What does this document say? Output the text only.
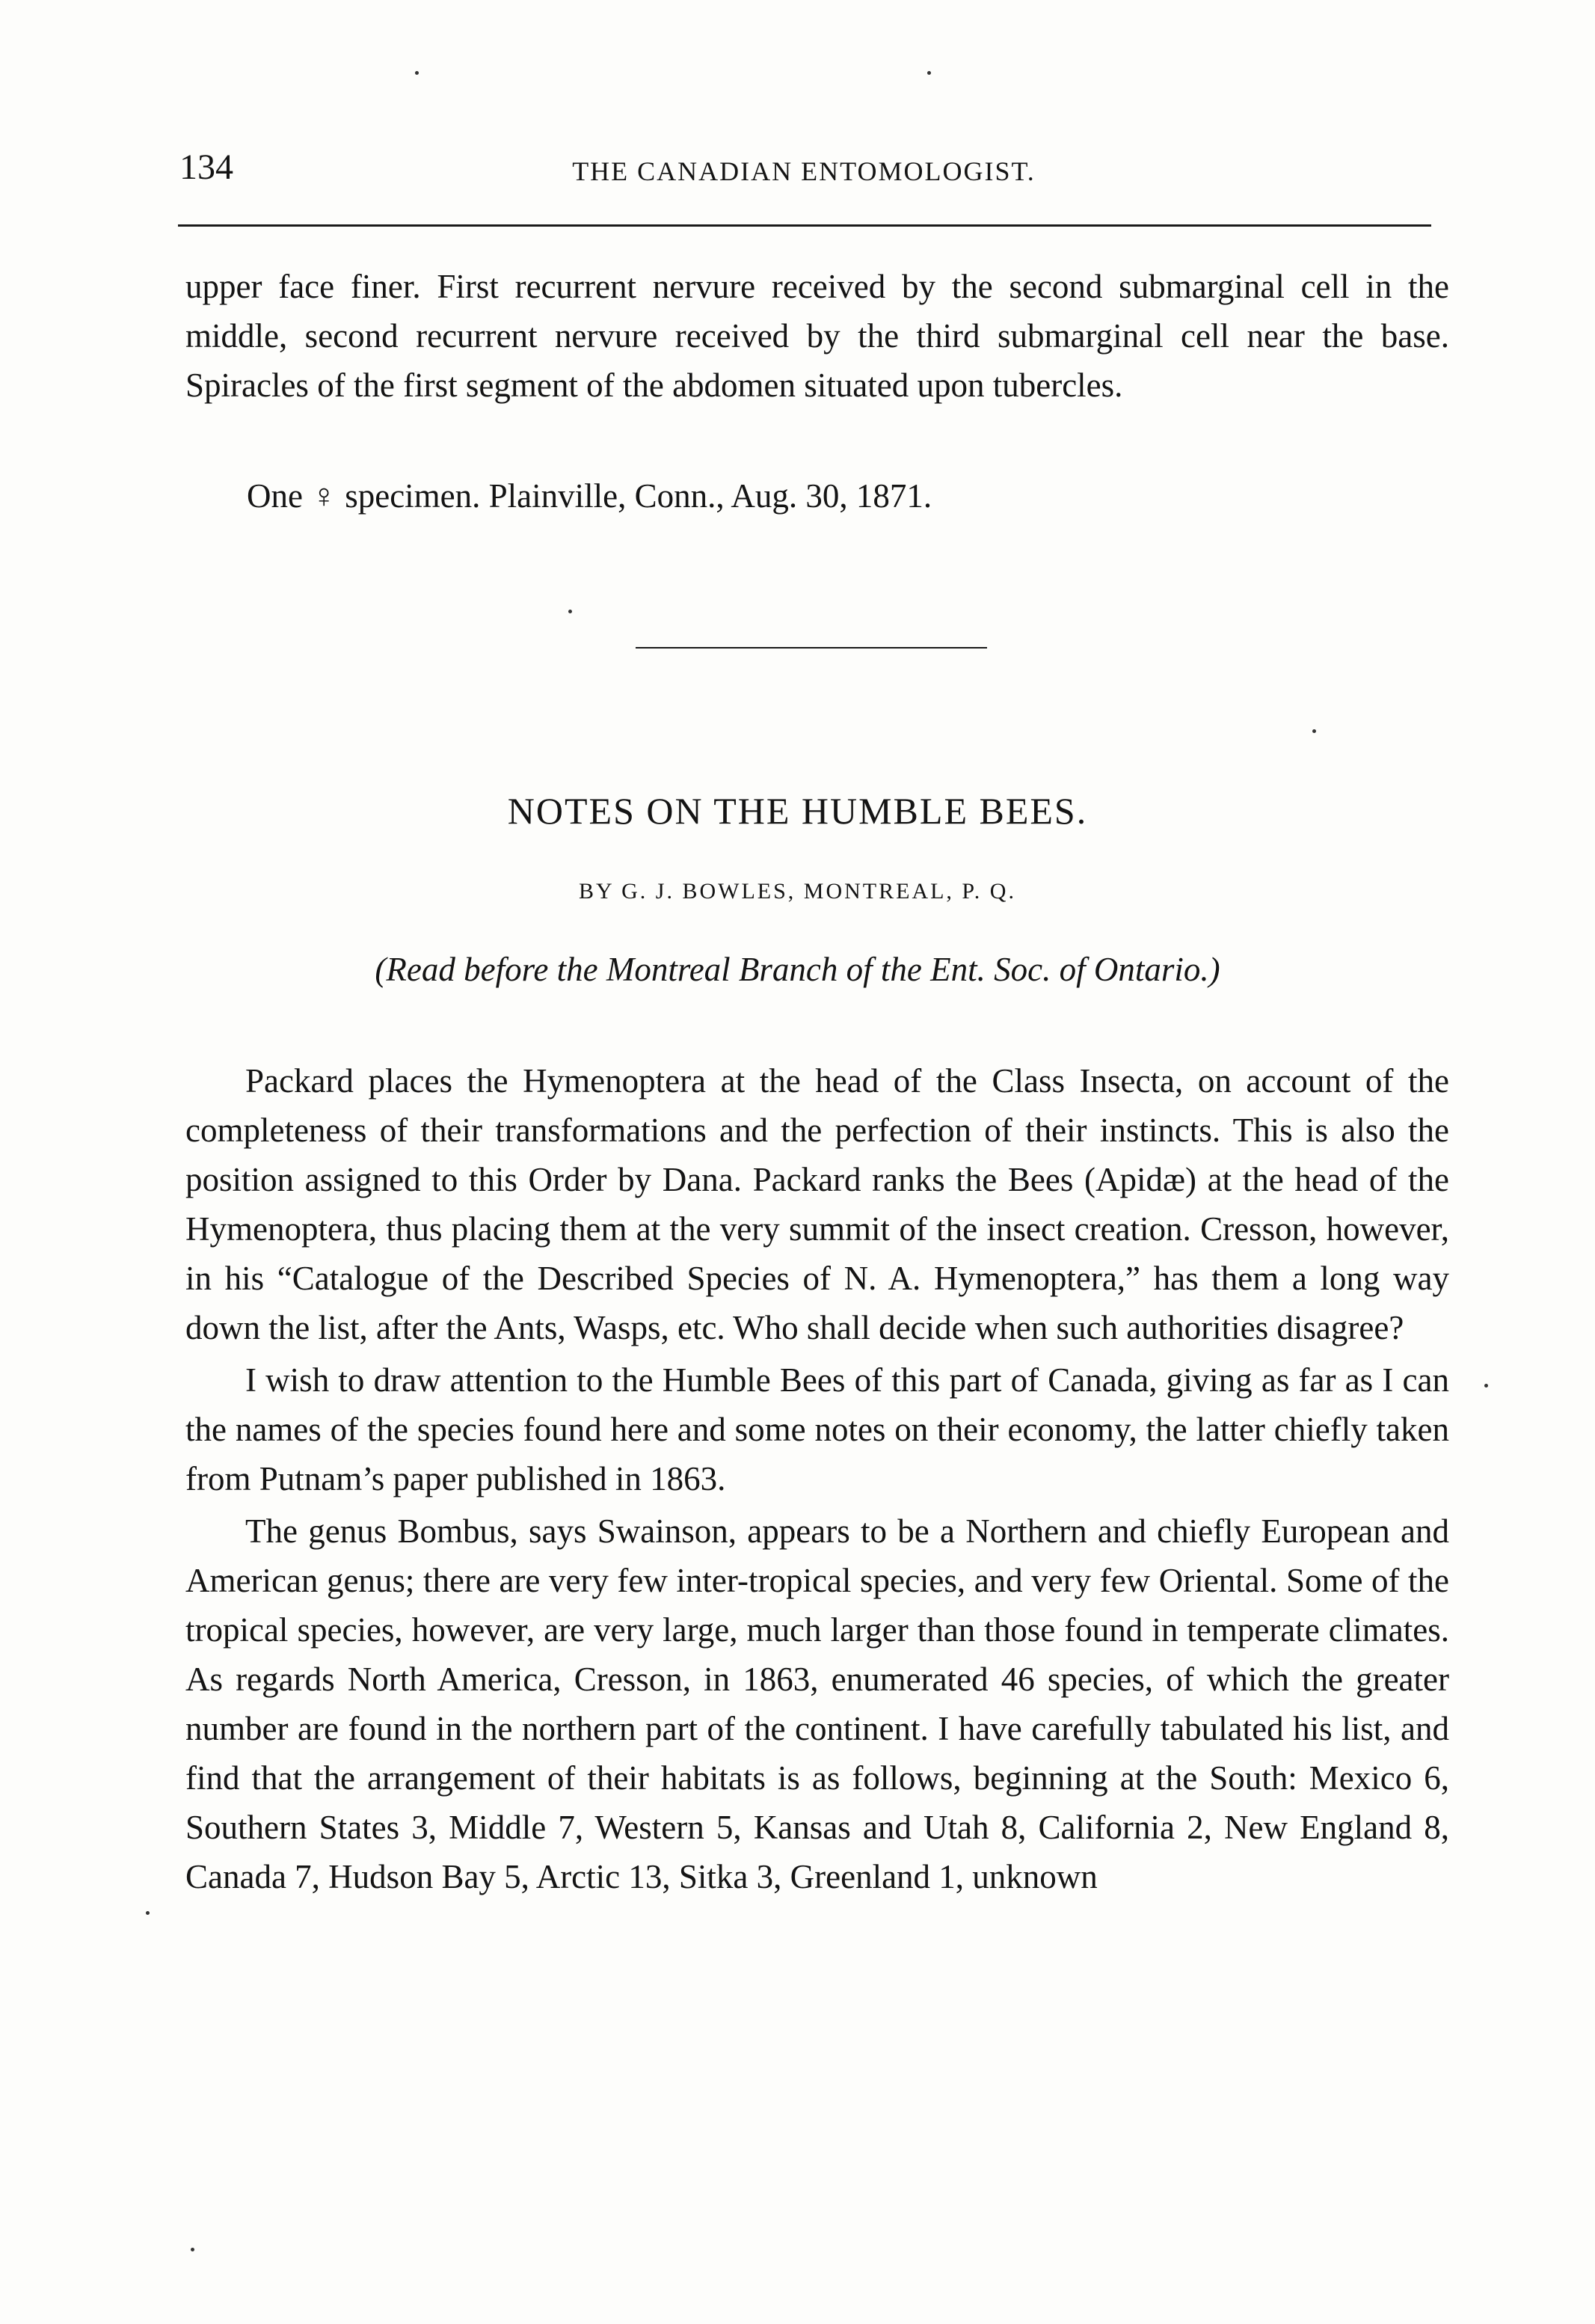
134	THE CANADIAN ENTOMOLOGIST.

upper face finer. First recurrent nervure received by the second submarginal cell in the middle, second recurrent nervure received by the third submarginal cell near the base. Spiracles of the first segment of the abdomen situated upon tubercles.

One ♀ specimen. Plainville, Conn., Aug. 30, 1871.

NOTES ON THE HUMBLE BEES.
BY G. J. BOWLES, MONTREAL, P. Q.
(Read before the Montreal Branch of the Ent. Soc. of Ontario.)

Packard places the Hymenoptera at the head of the Class Insecta, on account of the completeness of their transformations and the perfection of their instincts. This is also the position assigned to this Order by Dana. Packard ranks the Bees (Apidæ) at the head of the Hymenoptera, thus placing them at the very summit of the insect creation. Cresson, however, in his “Catalogue of the Described Species of N. A. Hymenoptera,” has them a long way down the list, after the Ants, Wasps, etc. Who shall decide when such authorities disagree?

I wish to draw attention to the Humble Bees of this part of Canada, giving as far as I can the names of the species found here and some notes on their economy, the latter chiefly taken from Putnam’s paper published in 1863.

The genus Bombus, says Swainson, appears to be a Northern and chiefly European and American genus; there are very few inter-tropical species, and very few Oriental. Some of the tropical species, however, are very large, much larger than those found in temperate climates. As regards North America, Cresson, in 1863, enumerated 46 species, of which the greater number are found in the northern part of the continent. I have carefully tabulated his list, and find that the arrangement of their habitats is as follows, beginning at the South: Mexico 6, Southern States 3, Middle 7, Western 5, Kansas and Utah 8, California 2, New England 8, Canada 7, Hudson Bay 5, Arctic 13, Sitka 3, Greenland 1, unknown
